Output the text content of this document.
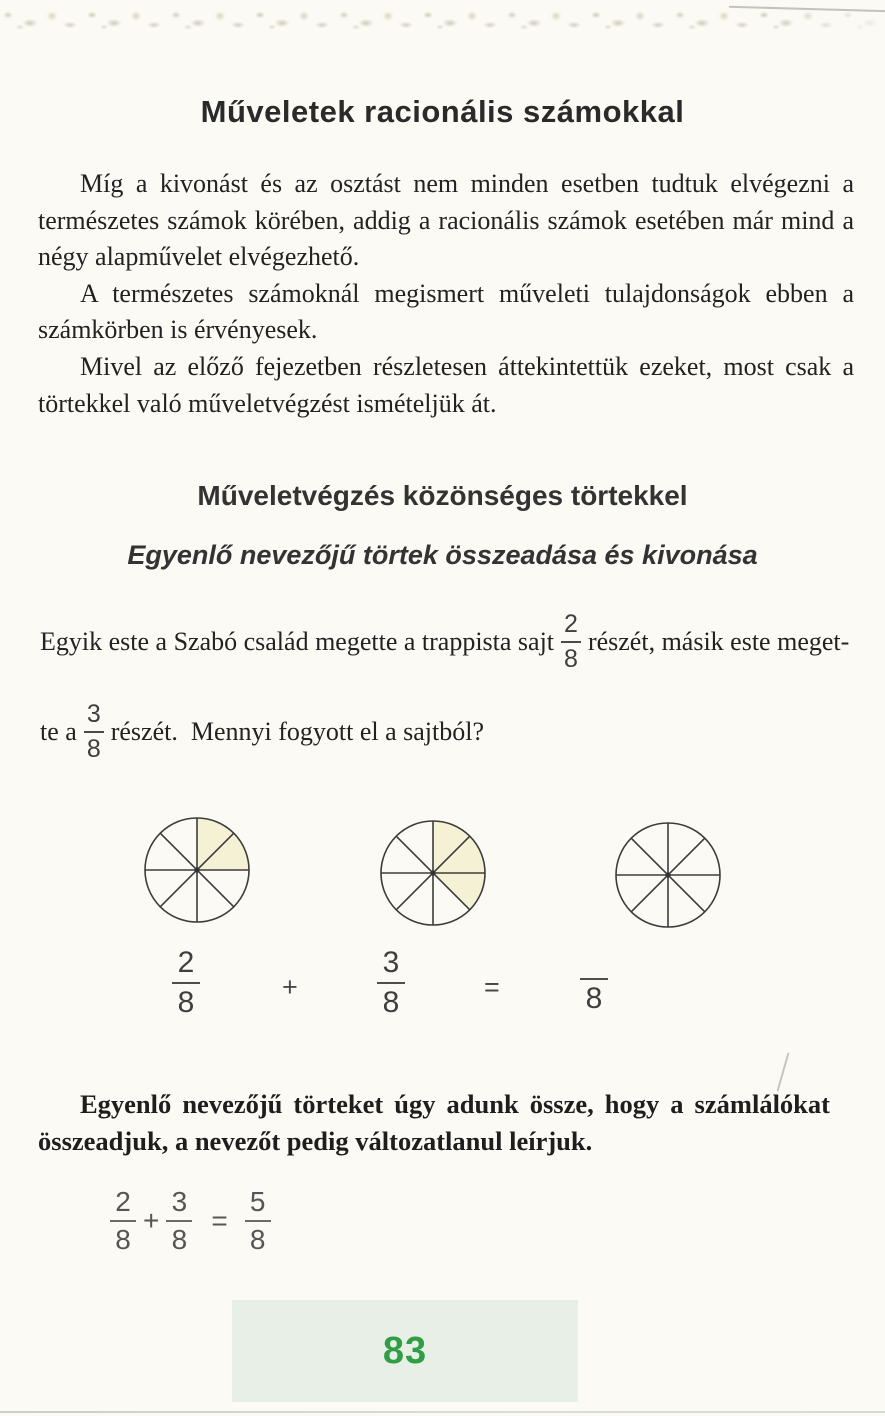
Műveletek racionális számokkal

Míg a kivonást és az osztást nem minden esetben tudtuk elvégezni a természetes számok körében, addig a racionális számok esetében már mind a négy alapművelet elvégezhető.

A természetes számoknál megismert műveleti tulajdonságok ebben a számkörben is érvényesek.

Mivel az előző fejezetben részletesen áttekintettük ezeket, most csak a törtekkel való műveletvégzést ismételjük át.

Műveletvégzés közönséges törtekkel
Egyenlő nevezőjű törtek összeadása és kivonása
Egyik este a Szabó család megette a trappista sajt $\frac{2}{8}$ részét, másik este meget-
te a $\frac{3}{8}$ részét.  Mennyi fogyott el a sajtból?
2
8	+
3
8	=	8

Egyenlő nevezőjű törteket úgy adunk össze, hogy a számlálókat összeadjuk, a nevezőt pedig változatlanul leírjuk.

$\frac{2}{8} + \frac{3}{8} = \frac{5}{8}$
83
